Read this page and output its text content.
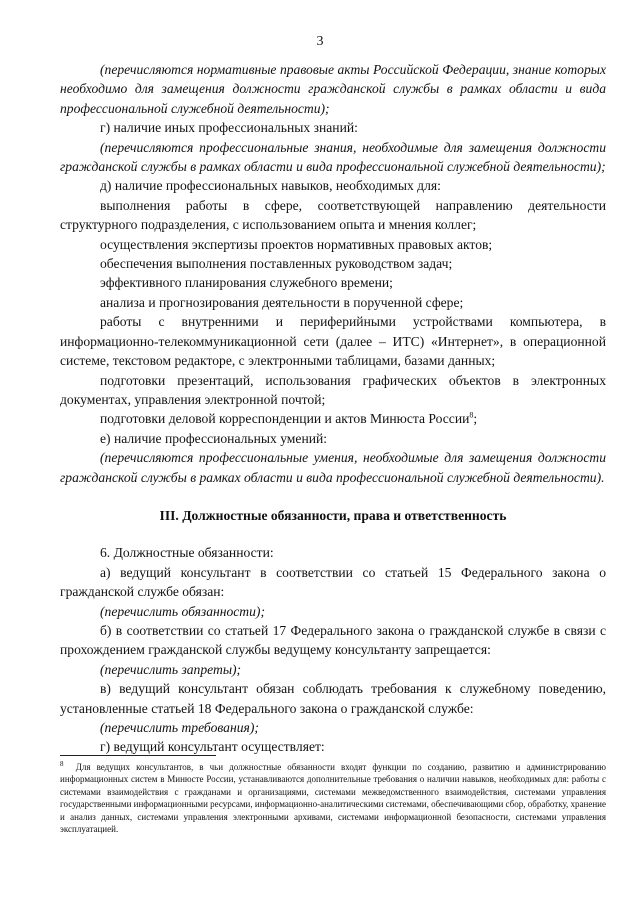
3

(перечисляются нормативные правовые акты Российской Федерации, знание которых необходимо для замещения должности гражданской службы в рамках области и вида профессиональной служебной деятельности);

г) наличие иных профессиональных знаний:

(перечисляются профессиональные знания, необходимые для замещения должности гражданской службы в рамках области и вида профессиональной служебной деятельности);

д) наличие профессиональных навыков, необходимых для:

выполнения работы в сфере, соответствующей направлению деятельности структурного подразделения, с использованием опыта и мнения коллег;

осуществления экспертизы проектов нормативных правовых актов;

обеспечения выполнения поставленных руководством задач;

эффективного планирования служебного времени;

анализа и прогнозирования деятельности в порученной сфере;

работы с внутренними и периферийными устройствами компьютера, в информационно-телекоммуникационной сети (далее – ИТС) «Интернет», в операционной системе, текстовом редакторе, с электронными таблицами, базами данных;

подготовки презентаций, использования графических объектов в электронных документах, управления электронной почтой;

подготовки деловой корреспонденции и актов Минюста России$^8$;

е) наличие профессиональных умений:

(перечисляются профессиональные умения, необходимые для замещения должности гражданской службы в рамках области и вида профессиональной служебной деятельности).

III. Должностные обязанности, права и ответственность

6. Должностные обязанности:

а) ведущий консультант в соответствии со статьей 15 Федерального закона о гражданской службе обязан:

(перечислить обязанности);

б) в соответствии со статьей 17 Федерального закона о гражданской службе в связи с прохождением гражданской службы ведущему консультанту запрещается:

(перечислить запреты);

в) ведущий консультант обязан соблюдать требования к служебному поведению, установленные статьей 18 Федерального закона о гражданской службе:

(перечислить требования);

г) ведущий консультант осуществляет:

$^8$ Для ведущих консультантов, в чьи должностные обязанности входят функции по созданию, развитию и администрированию информационных систем в Минюсте России, устанавливаются дополнительные требования о наличии навыков, необходимых для: работы с системами взаимодействия с гражданами и организациями, системами межведомственного взаимодействия, системами управления государственными информационными ресурсами, информационно-аналитическими системами, обеспечивающими сбор, обработку, хранение и анализ данных, системами управления электронными архивами, системами информационной безопасности, системами управления эксплуатацией.
